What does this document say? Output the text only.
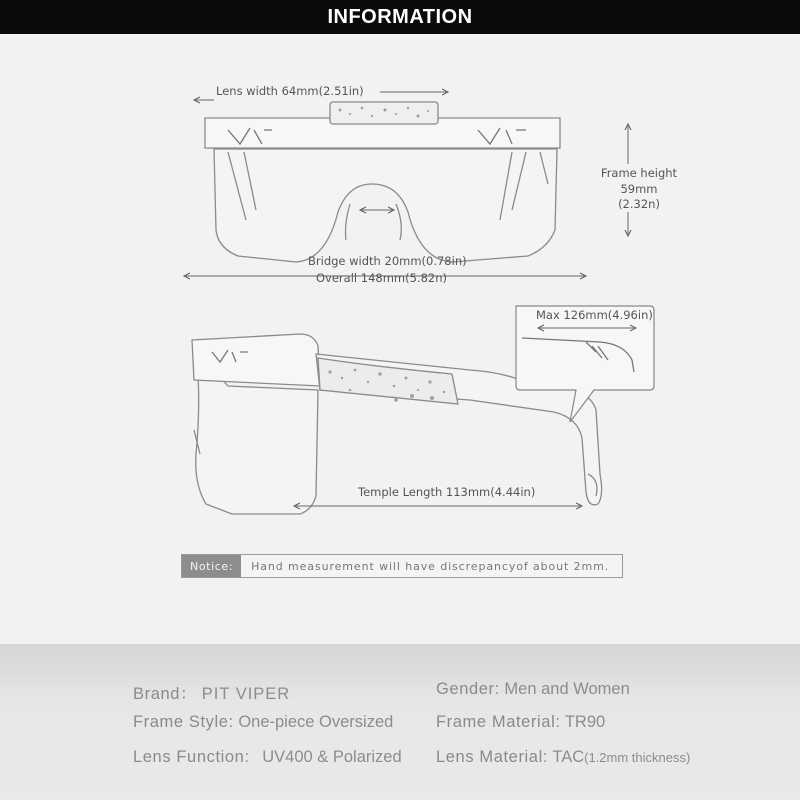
INFORMATION
Lens width 64mm(2.51in)
Frame height
59mm
(2.32n)
Bridge width 20mm(0.78in)
Overall 148mm(5.82n)
Max 126mm(4.96in)
Temple Length 113mm(4.44in)
Notice:	Hand measurement will have discrepancyof about 2mm.
Brand： PIT VIPER	Gender: Men and Women
Frame Style: One-piece Oversized	Frame Material: TR90
Lens Function: UV400 & Polarized Lens Material: TAC(1.2mm thickness)
